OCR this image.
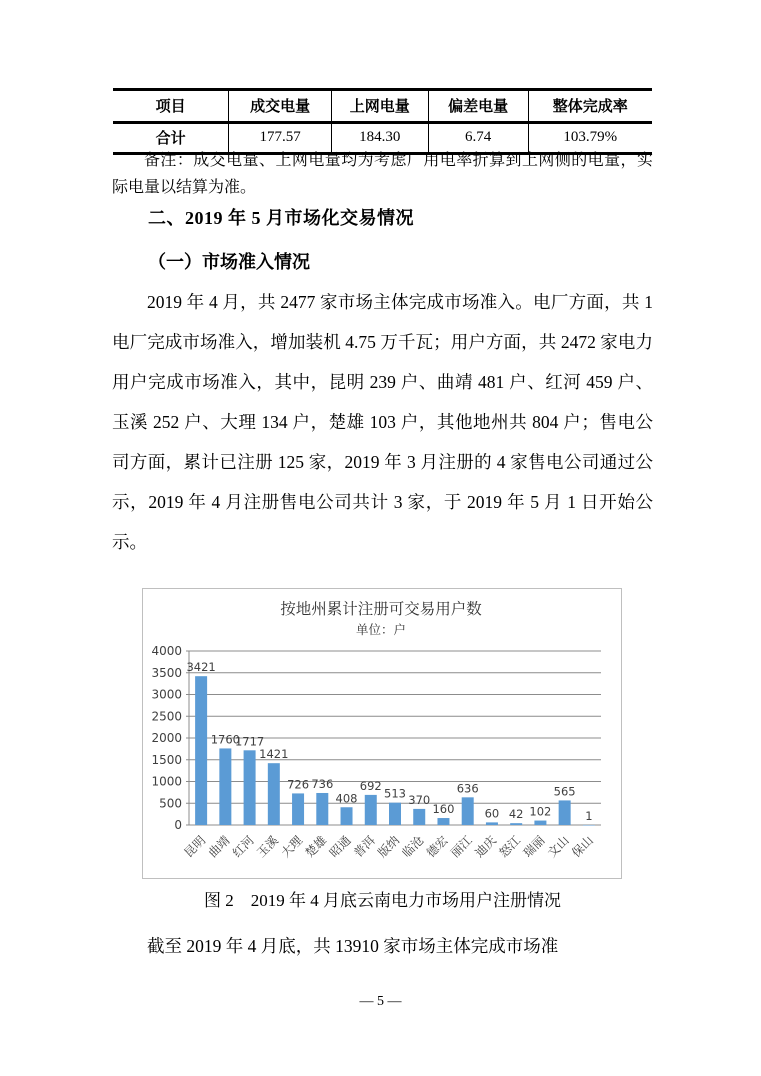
项目	成交电量	上网电量	偏差电量	整体完成率
合计	177.57	184.30	6.74	103.79%

备注：成交电量、上网电量均为考虑厂用电率折算到上网侧的电量，实际电量以结算为准。

二、2019 年 5 月市场化交易情况
（一）市场准入情况

2019 年 4 月，共 2477 家市场主体完成市场准入。电厂方面，共 1 电厂完成市场准入，增加装机 4.75 万千瓦；用户方面，共 2472 家电力用户完成市场准入，其中，昆明 239 户、曲靖 481 户、红河 459 户、玉溪 252 户、大理 134 户，楚雄 103 户，其他地州共 804 户；售电公司方面，累计已注册 125 家，2019 年 3 月注册的 4 家售电公司通过公示，2019 年 4 月注册售电公司共计 3 家，于 2019 年 5 月 1 日开始公示。

按地州累计注册可交易用户数
单位：户
0
500
1000
1500
2000
2500
3000
3500
4000
3421
昆明
1760
曲靖
1717
红河
1421
玉溪
726
大理
736
楚雄
408
昭通
692
普洱
513
版纳
370
临沧
160
德宏
636
丽江
60
迪庆
42
怒江
102
瑞丽
565
文山
1
保山

图 2　2019 年 4 月底云南电力市场用户注册情况

截至 2019 年 4 月底，共 13910 家市场主体完成市场准

— 5 —
